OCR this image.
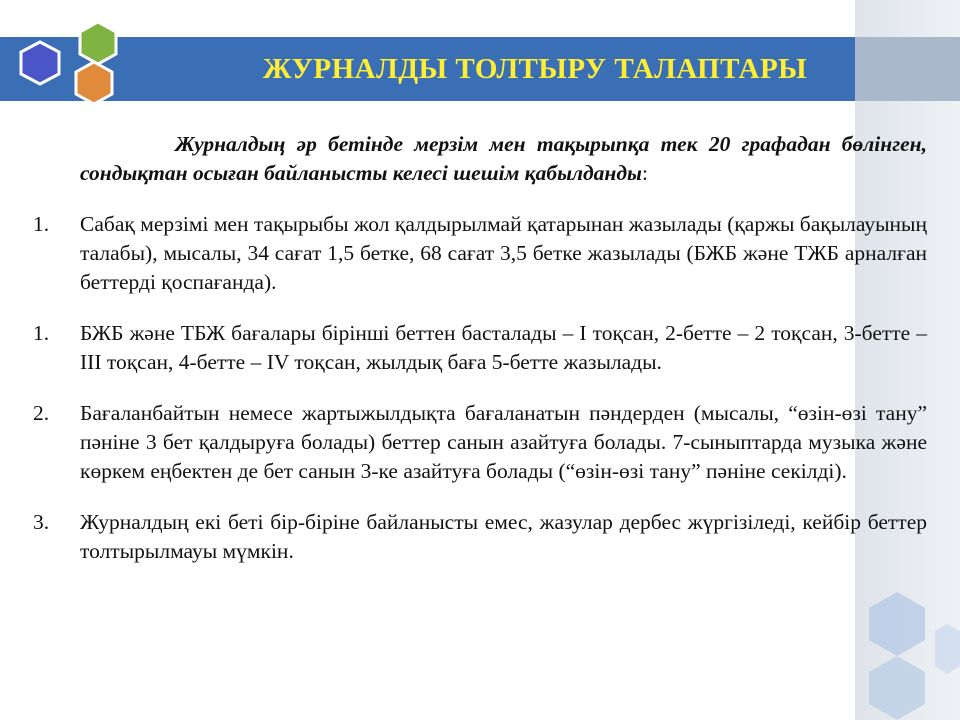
ЖУРНАЛДЫ ТОЛТЫРУ ТАЛАПТАРЫ

Журналдың әр бетінде мерзім мен тақырыпқа тек 20 графадан бөлінген, сондықтан осыған байланысты келесі шешім қабылданды:

1.	Сабақ мерзімі мен тақырыбы жол қалдырылмай қатарынан жазылады (қаржы бақылауының талабы), мысалы, 34 сағат 1,5 бетке, 68 сағат 3,5 бетке жазылады (БЖБ және ТЖБ арналған беттерді қоспағанда).
1.	БЖБ және ТБЖ бағалары бірінші беттен басталады – І тоқсан, 2-бетте – 2 тоқсан, 3-бетте – ІІІ тоқсан, 4-бетте – ІV тоқсан, жылдық баға 5-бетте жазылады.
2.	Бағаланбайтын немесе жартыжылдықта бағаланатын пәндерден (мысалы, “өзін-өзі тану” пәніне 3 бет қалдыруға болады) беттер санын азайтуға болады. 7-сыныптарда музыка және көркем еңбектен де бет санын 3-ке азайтуға болады (“өзін-өзі тану” пәніне секілді).
3.	Журналдың екі беті бір-біріне байланысты емес, жазулар дербес жүргізіледі, кейбір беттер толтырылмауы мүмкін.
